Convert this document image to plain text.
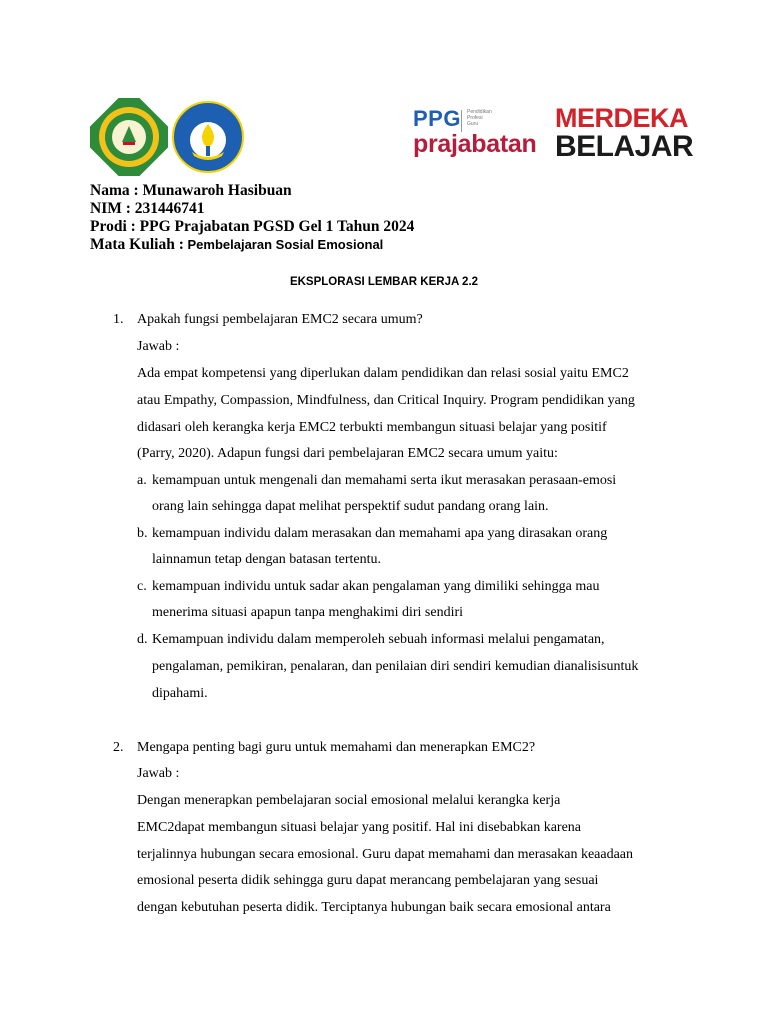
PPG Pendidikan
Profesi
Guru
prajabatan
MERDEKA
BELAJAR
Nama : Munawaroh Hasibuan
NIM : 231446741
Prodi : PPG Prajabatan PGSD Gel 1 Tahun 2024
Mata Kuliah : Pembelajaran Sosial Emosional
EKSPLORASI LEMBAR KERJA 2.2
1. Apakah fungsi pembelajaran EMC2 secara umum?
Jawab :
Ada empat kompetensi yang diperlukan dalam pendidikan dan relasi sosial yaitu EMC2
atau Empathy, Compassion, Mindfulness, dan Critical Inquiry. Program pendidikan yang
didasari oleh kerangka kerja EMC2 terbukti membangun situasi belajar yang positif
(Parry, 2020). Adapun fungsi dari pembelajaran EMC2 secara umum yaitu:
a. kemampuan untuk mengenali dan memahami serta ikut merasakan perasaan-emosi
orang lain sehingga dapat melihat perspektif sudut pandang orang lain.
b. kemampuan individu dalam merasakan dan memahami apa yang dirasakan orang
lainnamun tetap dengan batasan tertentu.
c. kemampuan individu untuk sadar akan pengalaman yang dimiliki sehingga mau
menerima situasi apapun tanpa menghakimi diri sendiri
d. Kemampuan individu dalam memperoleh sebuah informasi melalui pengamatan,
pengalaman, pemikiran, penalaran, dan penilaian diri sendiri kemudian dianalisisuntuk
dipahami.
2. Mengapa penting bagi guru untuk memahami dan menerapkan EMC2?
Jawab :
Dengan menerapkan pembelajaran social emosional melalui kerangka kerja
EMC2dapat membangun situasi belajar yang positif. Hal ini disebabkan karena
terjalinnya hubungan secara emosional. Guru dapat memahami dan merasakan keaadaan
emosional peserta didik sehingga guru dapat merancang pembelajaran yang sesuai
dengan kebutuhan peserta didik. Terciptanya hubungan baik secara emosional antara
